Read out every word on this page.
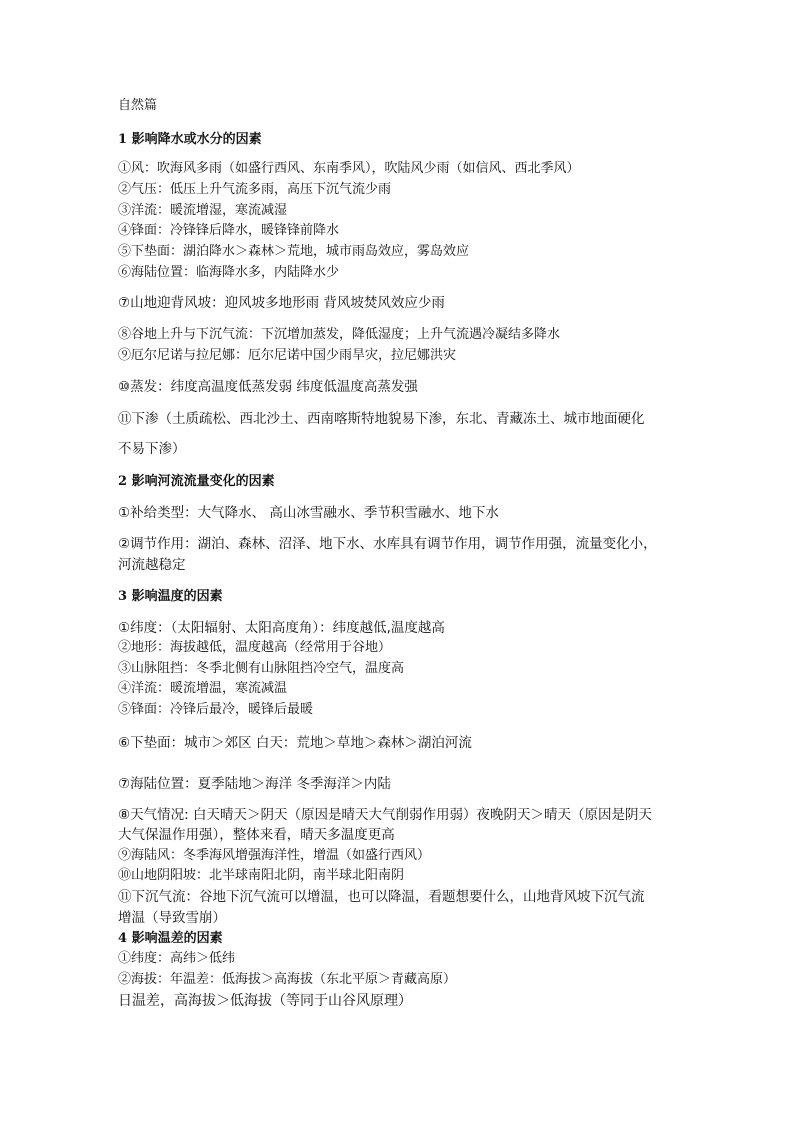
自然篇
1 影响降水或水分的因素
①风：吹海风多雨（如盛行西风、东南季风），吹陆风少雨（如信风、西北季风）
②气压：低压上升气流多雨，高压下沉气流少雨
③洋流：暖流增湿，寒流减湿
④锋面：冷锋锋后降水，暖锋锋前降水
⑤下垫面：湖泊降水＞森林＞荒地，城市雨岛效应，雾岛效应
⑥海陆位置：临海降水多，内陆降水少
⑦山地迎背风坡：迎风坡多地形雨 背风坡焚风效应少雨
⑧谷地上升与下沉气流：下沉增加蒸发，降低湿度；上升气流遇冷凝结多降水
⑨厄尔尼诺与拉尼娜：厄尔尼诺中国少雨旱灾，拉尼娜洪灾
⑩蒸发：纬度高温度低蒸发弱 纬度低温度高蒸发强
⑪下渗（土质疏松、西北沙土、西南喀斯特地貌易下渗，东北、青藏冻土、城市地面硬化
不易下渗）
2 影响河流流量变化的因素
①补给类型：大气降水、 高山冰雪融水、季节积雪融水、地下水
②调节作用：湖泊、森林、沼泽、地下水、水库具有调节作用，调节作用强，流量变化小，
河流越稳定
3 影响温度的因素
①纬度：（太阳辐射、太阳高度角）：纬度越低,温度越高
②地形：海拔越低，温度越高（经常用于谷地）
③山脉阻挡：冬季北侧有山脉阻挡冷空气，温度高
④洋流：暖流增温，寒流减温
⑤锋面：冷锋后最冷，暖锋后最暖
⑥下垫面：城市＞郊区 白天：荒地＞草地＞森林＞湖泊河流
⑦海陆位置：夏季陆地＞海洋 冬季海洋＞内陆
⑧天气情况: 白天晴天＞阴天（原因是晴天大气削弱作用弱）夜晚阴天＞晴天（原因是阴天
大气保温作用强），整体来看，晴天多温度更高
⑨海陆风：冬季海风增强海洋性，增温（如盛行西风）
⑩山地阴阳坡：北半球南阳北阴，南半球北阳南阴
⑪下沉气流：谷地下沉气流可以增温，也可以降温，看题想要什么，山地背风坡下沉气流
增温（导致雪崩）
4 影响温差的因素
①纬度：高纬＞低纬
②海拔：年温差：低海拔＞高海拔（东北平原＞青藏高原）
日温差，高海拔＞低海拔（等同于山谷风原理）
